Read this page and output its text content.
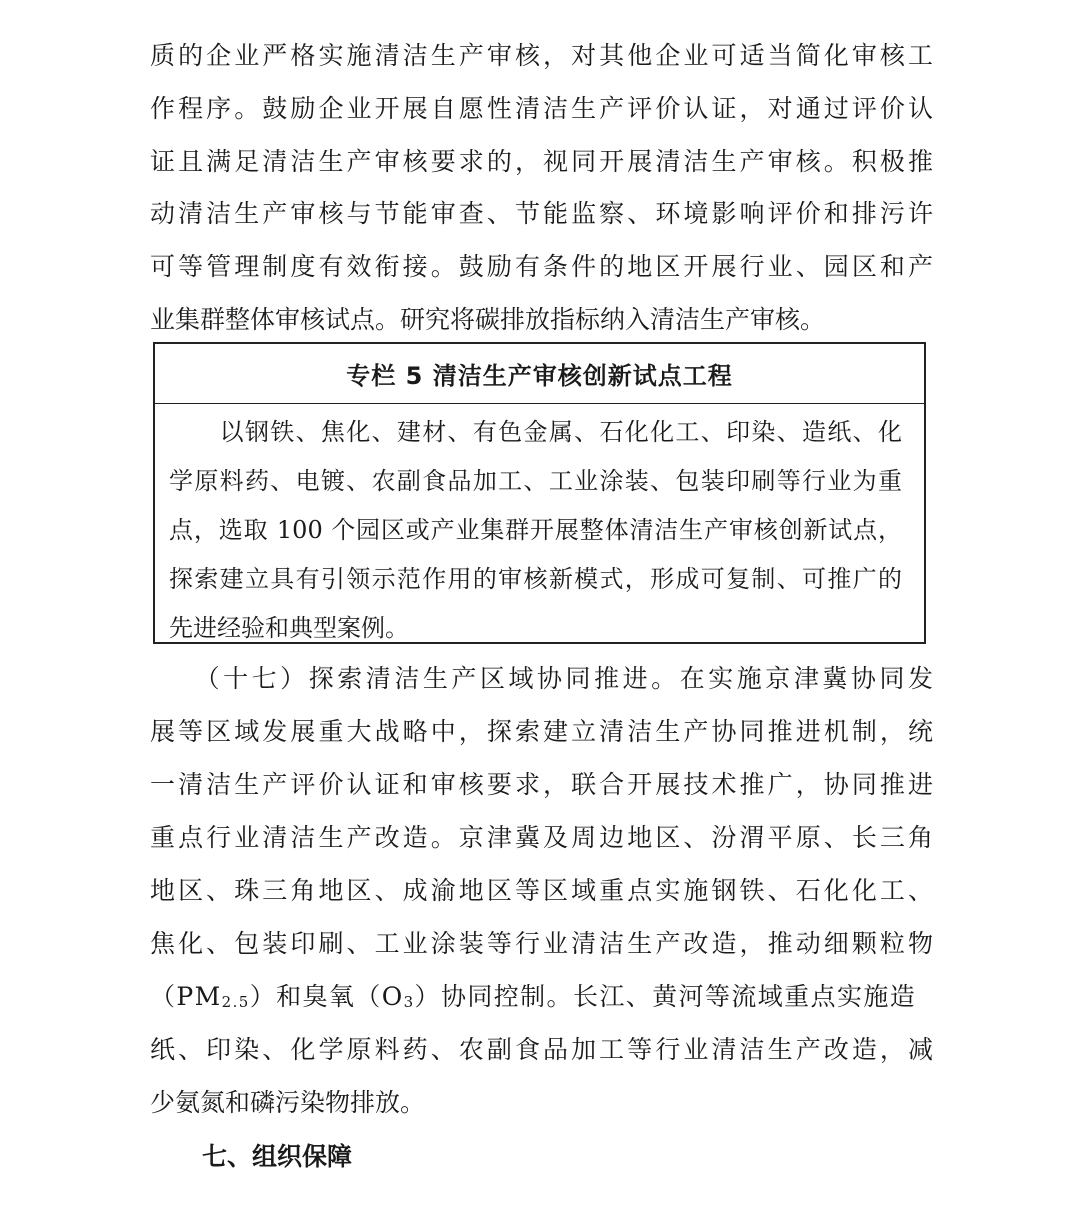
质的企业严格实施清洁生产审核，对其他企业可适当简化审核工
作程序。鼓励企业开展自愿性清洁生产评价认证，对通过评价认
证且满足清洁生产审核要求的，视同开展清洁生产审核。积极推
动清洁生产审核与节能审查、节能监察、环境影响评价和排污许
可等管理制度有效衔接。鼓励有条件的地区开展行业、园区和产
业集群整体审核试点。研究将碳排放指标纳入清洁生产审核。
专栏 5 清洁生产审核创新试点工程
　　以钢铁、焦化、建材、有色金属、石化化工、印染、造纸、化
学原料药、电镀、农副食品加工、工业涂装、包装印刷等行业为重
点，选取 100 个园区或产业集群开展整体清洁生产审核创新试点，
探索建立具有引领示范作用的审核新模式，形成可复制、可推广的
先进经验和典型案例。
　　（十七）探索清洁生产区域协同推进。在实施京津冀协同发
展等区域发展重大战略中，探索建立清洁生产协同推进机制，统
一清洁生产评价认证和审核要求，联合开展技术推广，协同推进
重点行业清洁生产改造。京津冀及周边地区、汾渭平原、长三角
地区、珠三角地区、成渝地区等区域重点实施钢铁、石化化工、
焦化、包装印刷、工业涂装等行业清洁生产改造，推动细颗粒物
$(PM_{2.5})$和臭氧$(O_3)$协同控制。长江、黄河等流域重点实施造
纸、印染、化学原料药、农副食品加工等行业清洁生产改造，减
少氨氮和磷污染物排放。
七、组织保障
